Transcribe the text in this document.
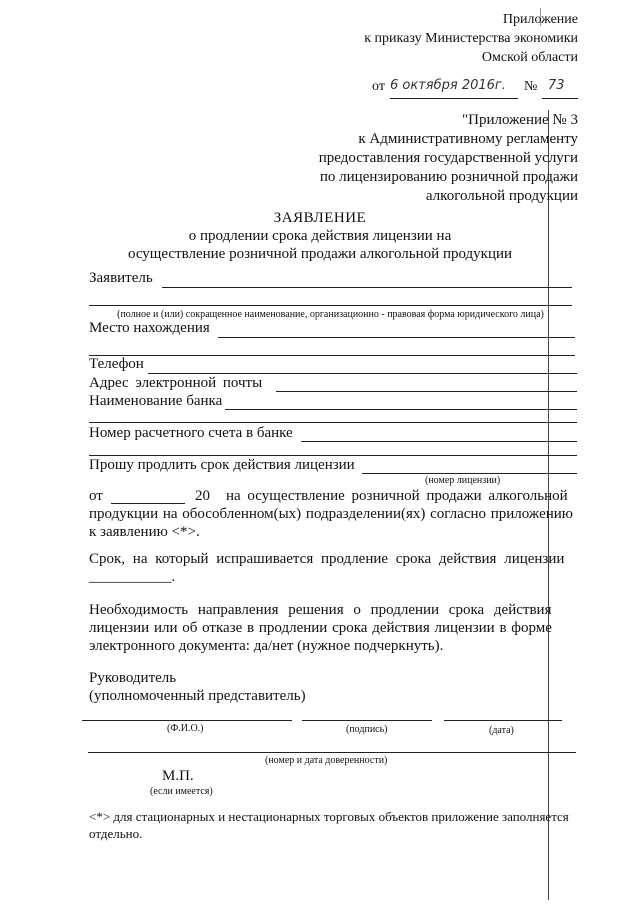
Приложение
к приказу Министерства экономики
Омской области
от 6 октября 2016г. № 73
"Приложение № 3
к Административному регламенту
предоставления государственной услуги
по лицензированию розничной продажи
алкогольной продукции
ЗАЯВЛЕНИЕ
о продлении срока действия лицензии на
осуществление розничной продажи алкогольной продукции
Заявитель
(полное и (или) сокращенное наименование, организационно - правовая форма юридического лица)
Место нахождения
Телефон
Адрес электронной почты
Наименование банка
Номер расчетного счета в банке
Прошу продлить срок действия лицензии
(номер лицензии)
от	20 на осуществление розничной продажи алкогольной
продукции на обособленном(ых) подразделении(ях) согласно приложению
к заявлению <*>.
Срок, на который испрашивается продление срока действия лицензии
___________.
Необходимость направления решения о продлении срока действия
лицензии или об отказе в продлении срока действия лицензии в форме
электронного документа: да/нет (нужное подчеркнуть).
Руководитель
(уполномоченный представитель)
(Ф.И.О.)	(подпись)	(дата)
(номер и дата доверенности)
М.П.
(если имеется)
<*> для стационарных и нестационарных торговых объектов приложение заполняется
отдельно.
